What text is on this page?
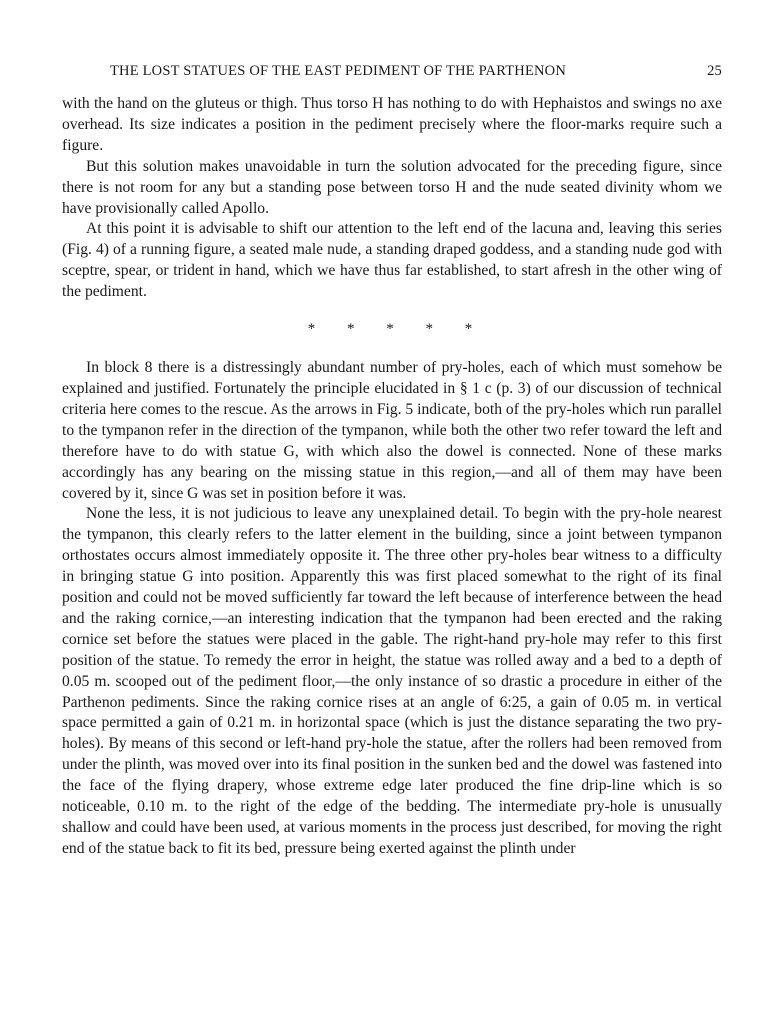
THE LOST STATUES OF THE EAST PEDIMENT OF THE PARTHENON	25

with the hand on the gluteus or thigh. Thus torso H has nothing to do with Hephaistos and swings no axe overhead. Its size indicates a position in the pediment precisely where the floor-marks require such a figure.

But this solution makes unavoidable in turn the solution advocated for the preceding figure, since there is not room for any but a standing pose between torso H and the nude seated divinity whom we have provisionally called Apollo.

At this point it is advisable to shift our attention to the left end of the lacuna and, leaving this series (Fig. 4) of a running figure, a seated male nude, a standing draped goddess, and a standing nude god with sceptre, spear, or trident in hand, which we have thus far established, to start afresh in the other wing of the pediment.

* * * * *

In block 8 there is a distressingly abundant number of pry-holes, each of which must somehow be explained and justified. Fortunately the principle elucidated in § 1 c (p. 3) of our discussion of technical criteria here comes to the rescue. As the arrows in Fig. 5 indicate, both of the pry-holes which run parallel to the tympanon refer in the direction of the tympanon, while both the other two refer toward the left and therefore have to do with statue G, with which also the dowel is connected. None of these marks accordingly has any bearing on the missing statue in this region,—and all of them may have been covered by it, since G was set in position before it was.

None the less, it is not judicious to leave any unexplained detail. To begin with the pry-hole nearest the tympanon, this clearly refers to the latter element in the building, since a joint between tympanon orthostates occurs almost immediately opposite it. The three other pry-holes bear witness to a difficulty in bringing statue G into position. Apparently this was first placed somewhat to the right of its final position and could not be moved sufficiently far toward the left because of interference between the head and the raking cornice,—an interesting indication that the tympanon had been erected and the raking cornice set before the statues were placed in the gable. The right-hand pry-hole may refer to this first position of the statue. To remedy the error in height, the statue was rolled away and a bed to a depth of 0.05 m. scooped out of the pediment floor,—the only instance of so drastic a procedure in either of the Parthenon pediments. Since the raking cornice rises at an angle of 6:25, a gain of 0.05 m. in vertical space permitted a gain of 0.21 m. in horizontal space (which is just the distance separating the two pry-holes). By means of this second or left-hand pry-hole the statue, after the rollers had been removed from under the plinth, was moved over into its final position in the sunken bed and the dowel was fastened into the face of the flying drapery, whose extreme edge later produced the fine drip-line which is so noticeable, 0.10 m. to the right of the edge of the bedding. The intermediate pry-hole is unusually shallow and could have been used, at various moments in the process just described, for moving the right end of the statue back to fit its bed, pressure being exerted against the plinth under
